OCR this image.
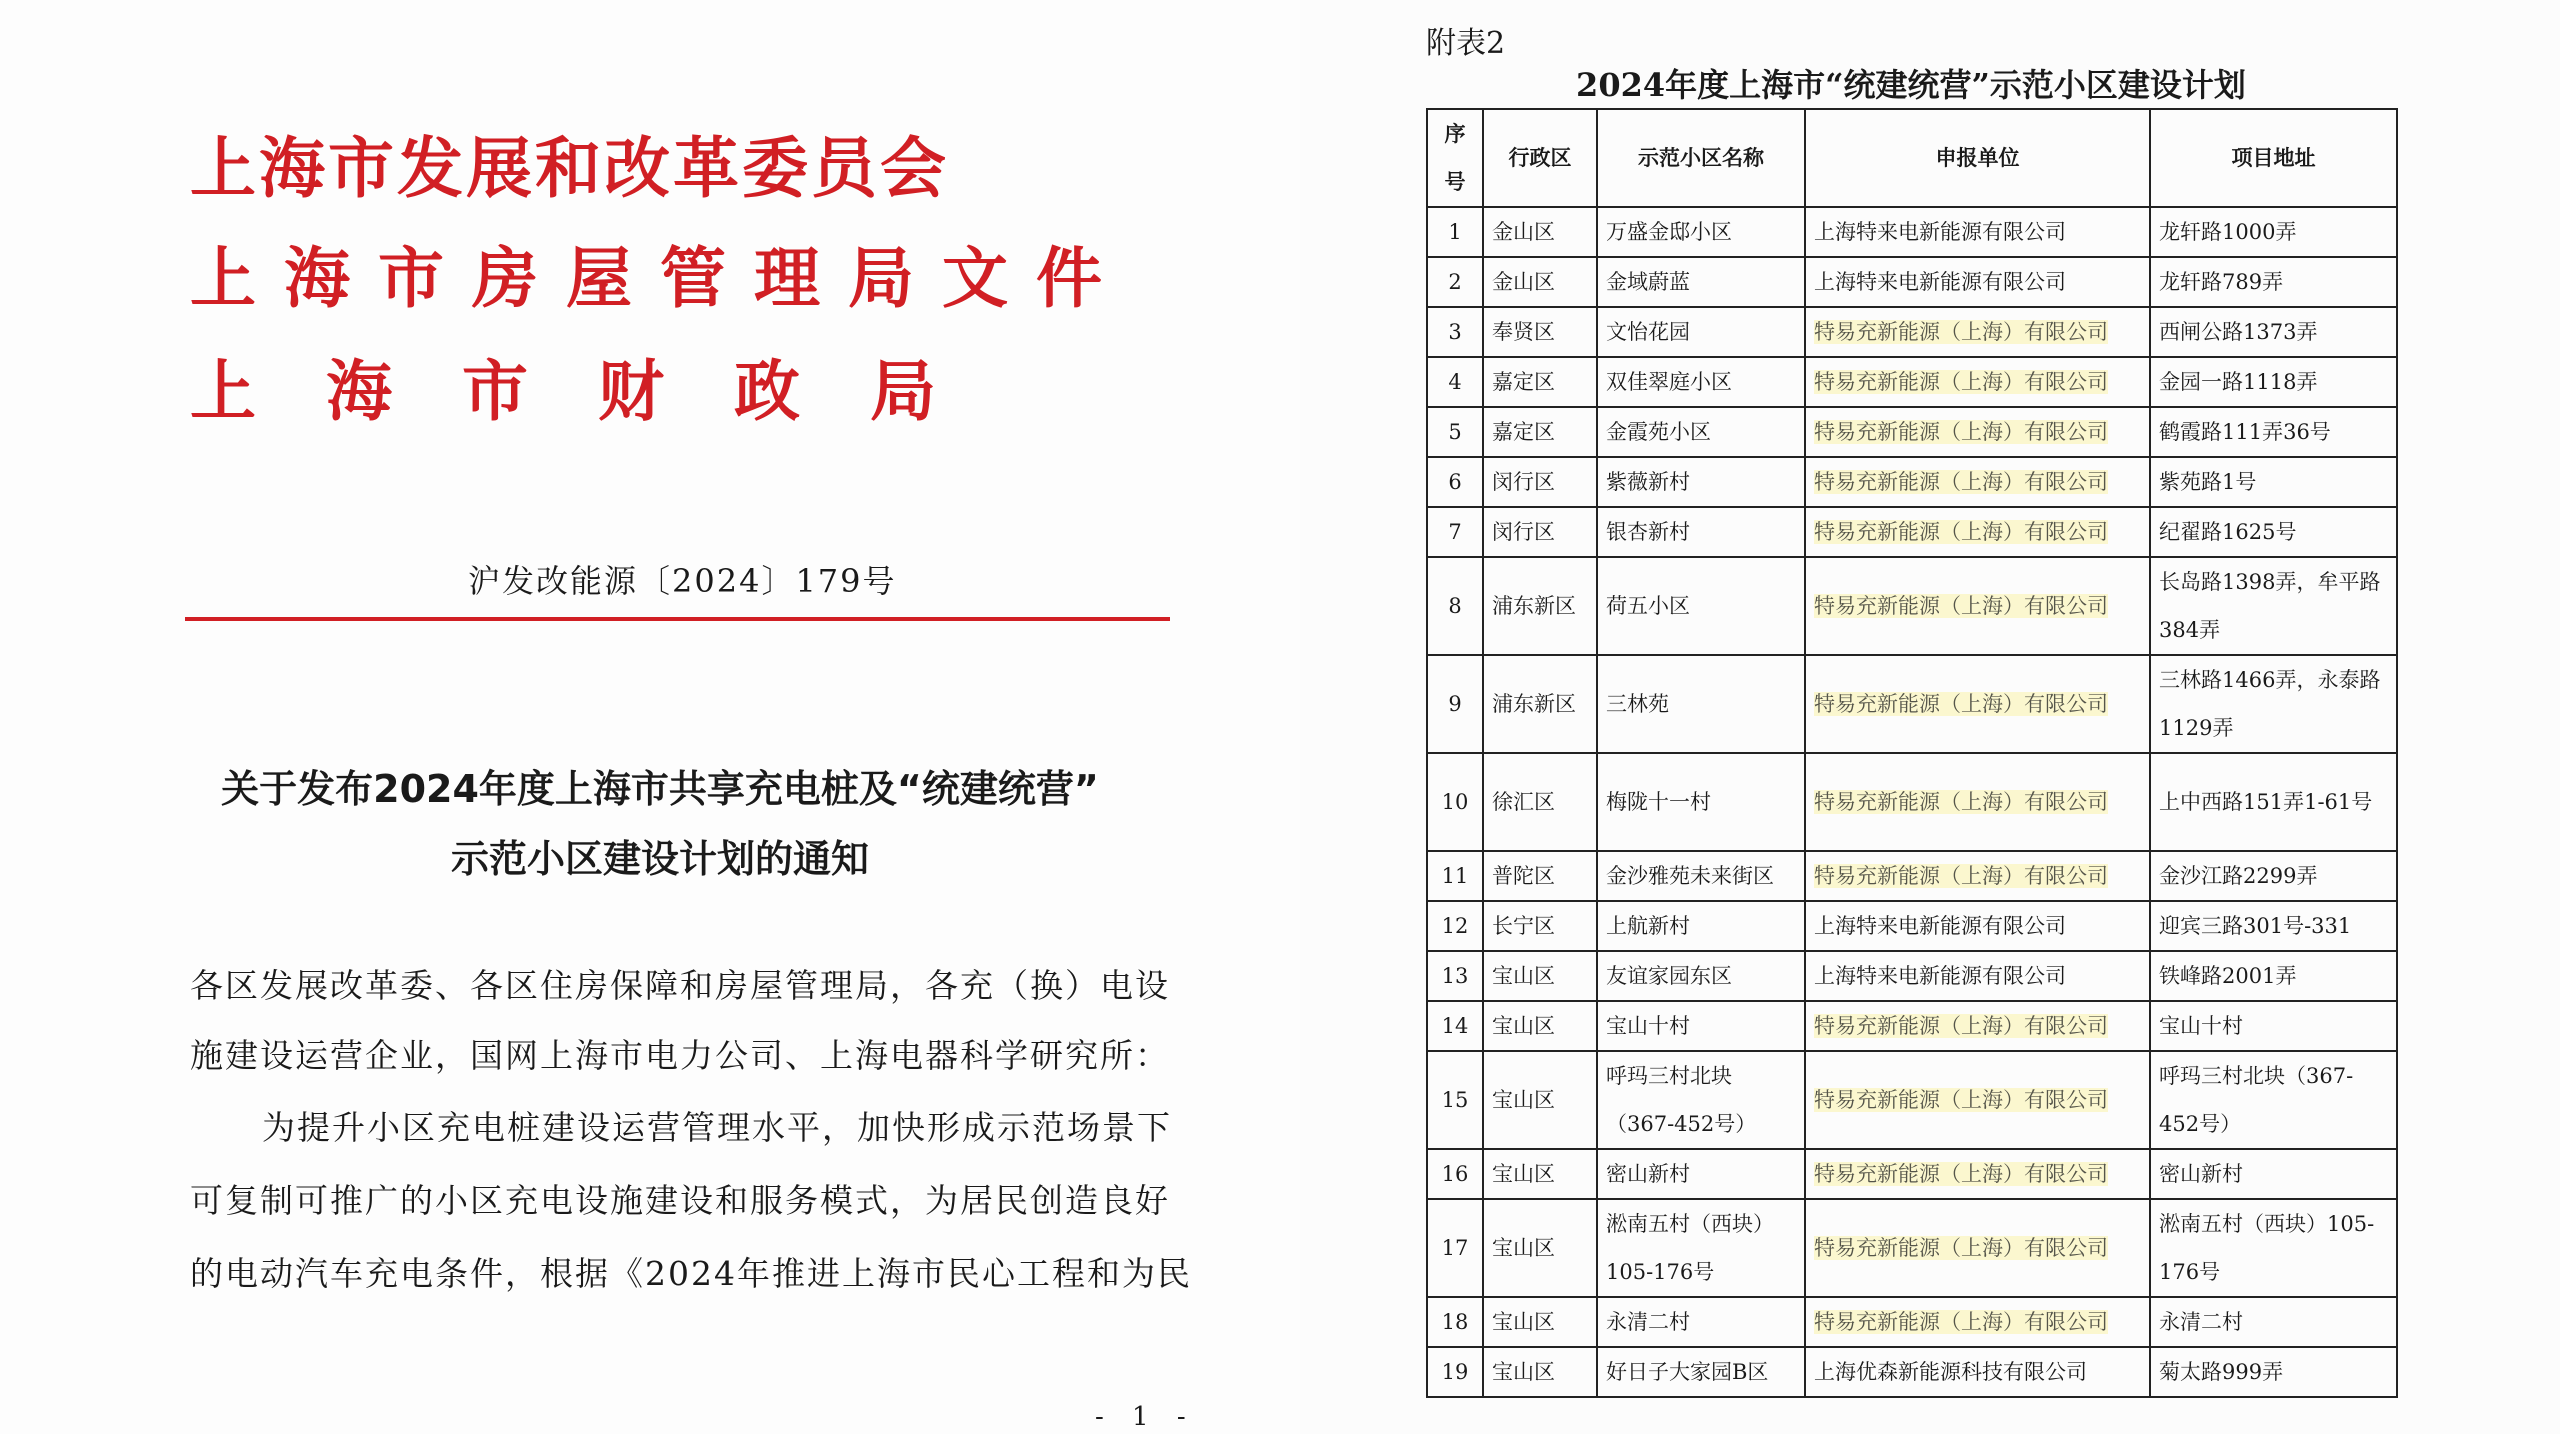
上海市发展和改革委员会
上海市房屋管理局文件
上海市财政局
沪发改能源〔2024〕179号
关于发布2024年度上海市共享充电桩及“统建统营”
示范小区建设计划的通知
各区发展改革委、各区住房保障和房屋管理局，各充（换）电设
施建设运营企业，国网上海市电力公司、上海电器科学研究所：
为提升小区充电桩建设运营管理水平，加快形成示范场景下
可复制可推广的小区充电设施建设和服务模式，为居民创造良好
的电动汽车充电条件，根据《2024年推进上海市民心工程和为民
- 1 -
附表2
2024年度上海市“统建统营”示范小区建设计划
序号	行政区	示范小区名称	申报单位	项目地址
1	金山区	万盛金邸小区	上海特来电新能源有限公司	龙轩路1000弄
2	金山区	金域蔚蓝	上海特来电新能源有限公司	龙轩路789弄
3	奉贤区	文怡花园	特易充新能源（上海）有限公司	西闸公路1373弄
4	嘉定区	双佳翠庭小区	特易充新能源（上海）有限公司	金园一路1118弄
5	嘉定区	金霞苑小区	特易充新能源（上海）有限公司	鹤霞路111弄36号
6	闵行区	紫薇新村	特易充新能源（上海）有限公司	紫苑路1号
7	闵行区	银杏新村	特易充新能源（上海）有限公司	纪翟路1625号
8	浦东新区	荷五小区	特易充新能源（上海）有限公司	长岛路1398弄，牟平路384弄
9	浦东新区	三林苑	特易充新能源（上海）有限公司	三林路1466弄，永泰路1129弄
10	徐汇区	梅陇十一村	特易充新能源（上海）有限公司	上中西路151弄1-61号
11	普陀区	金沙雅苑未来街区	特易充新能源（上海）有限公司	金沙江路2299弄
12	长宁区	上航新村	上海特来电新能源有限公司	迎宾三路301号-331
13	宝山区	友谊家园东区	上海特来电新能源有限公司	铁峰路2001弄
14	宝山区	宝山十村	特易充新能源（上海）有限公司	宝山十村
15	宝山区	呼玛三村北块（367-452号）	特易充新能源（上海）有限公司	呼玛三村北块（367-452号）
16	宝山区	密山新村	特易充新能源（上海）有限公司	密山新村
17	宝山区	淞南五村（西块）105-176号	特易充新能源（上海）有限公司	淞南五村（西块）105-176号
18	宝山区	永清二村	特易充新能源（上海）有限公司	永清二村
19	宝山区	好日子大家园B区	上海优森新能源科技有限公司	菊太路999弄
